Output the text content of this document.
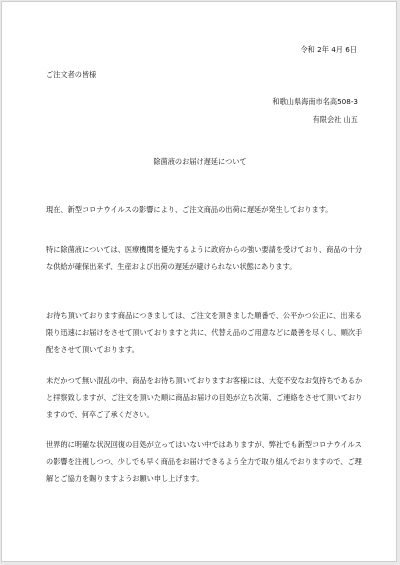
令和 2年 4月 6日
ご注文者の皆様
和歌山県海南市名高508-3
有限会社 山五
除菌液のお届け遅延について
現在、新型コロナウイルスの影響により、ご注文商品の出荷に遅延が発生しております。
特に除菌液については、医療機関を優先するように政府からの強い要請を受けており、商品の十分な供給が確保出来ず、生産および出荷の遅延が避けられない状態にあります。
お待ち頂いております商品につきましては、ご注文を頂きました順番で、公平かつ公正に、出来る限り迅速にお届けをさせて頂いておりますと共に、代替え品のご用意などに最善を尽くし、順次手配をさせて頂いております。
未だかつて無い混乱の中、商品をお待ち頂いておりますお客様には、大変不安なお気持ちであるかと拝察致しますが、ご注文を頂いた順に商品お届けの目処が立ち次第、ご連絡をさせて頂いておりますので、何卒ご了承ください。
世界的に明確な状況回復の目処が立ってはいない中ではありますが、弊社でも新型コロナウイルスの影響を注視しつつ、少しでも早く商品をお届けできるよう全力で取り組んでおりますので、ご理解とご協力を賜りますようお願い申し上げます。
